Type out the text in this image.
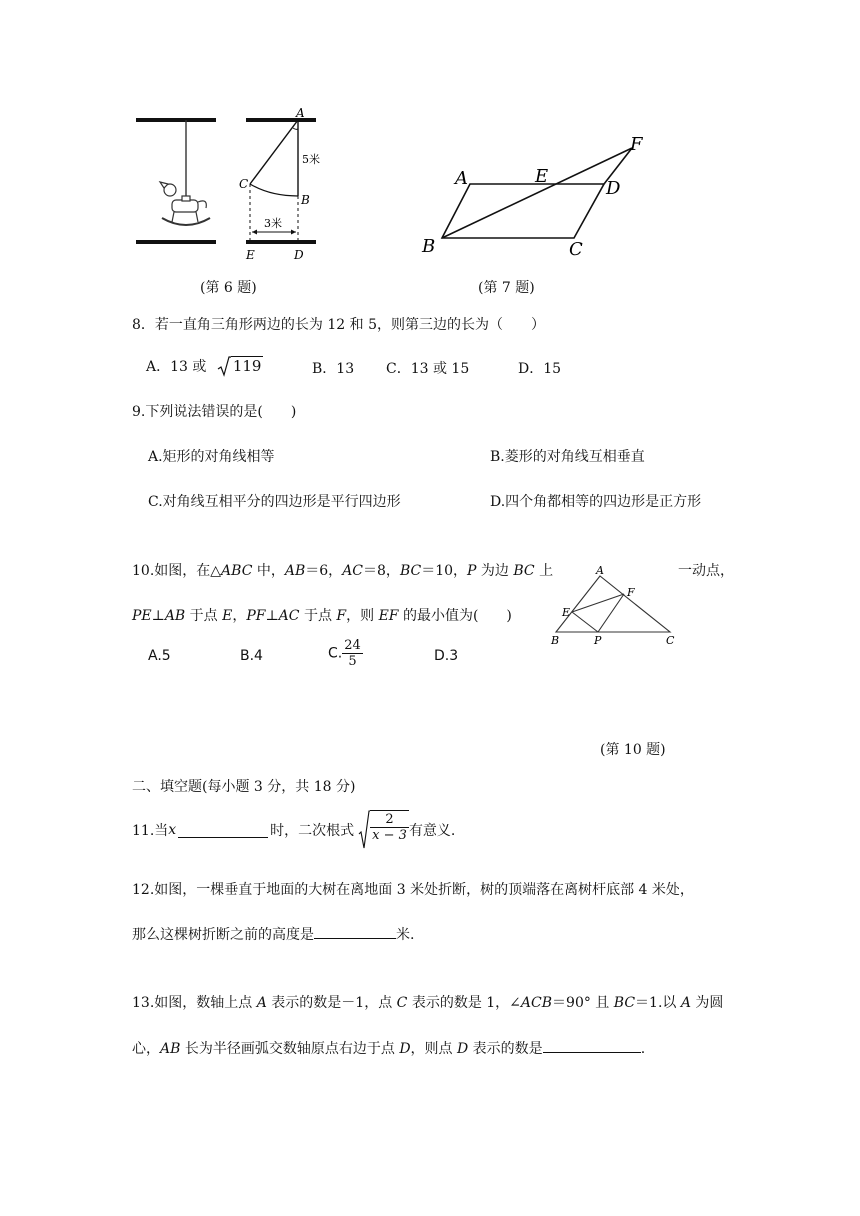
A
B
C
D
E
5米
3米
A
B	C
D
E
F
(第 6 题)	(第 7 题)
8．若一直角三角形两边的长为 12 和 5，则第三边的长为（　　）
A．13 或 119	B．13 C．13 或 15	D．15
9.下列说法错误的是(　　)
A.矩形的对角线相等	B.菱形的对角线互相垂直
C.对角线互相平分的四边形是平行四边形	D.四个角都相等的四边形是正方形
10.如图，在△ABC 中，AB＝6，AC＝8，BC＝10，P 为边 BC 上	一动点，
PE⊥AB 于点 E，PF⊥AC 于点 F，则 EF 的最小值为(　　)
A.5	B.4	C. $\frac{24}{5}$	D.3
A
B	C
E
F
P
(第 10 题)
二、填空题(每小题 3 分，共 18 分)
11.当 x	时，二次根式 $\frac{2}{x - 3}$ 有意义.
12.如图，一棵垂直于地面的大树在离地面 3 米处折断，树的顶端落在离树杆底部 4 米处，
那么这棵树折断之前的高度是	米.
13.如图，数轴上点 A 表示的数是－1，点 C 表示的数是 1，∠ACB＝90° 且 BC＝1.以 A 为圆
心，AB 长为半径画弧交数轴原点右边于点 D，则点 D 表示的数是	.
